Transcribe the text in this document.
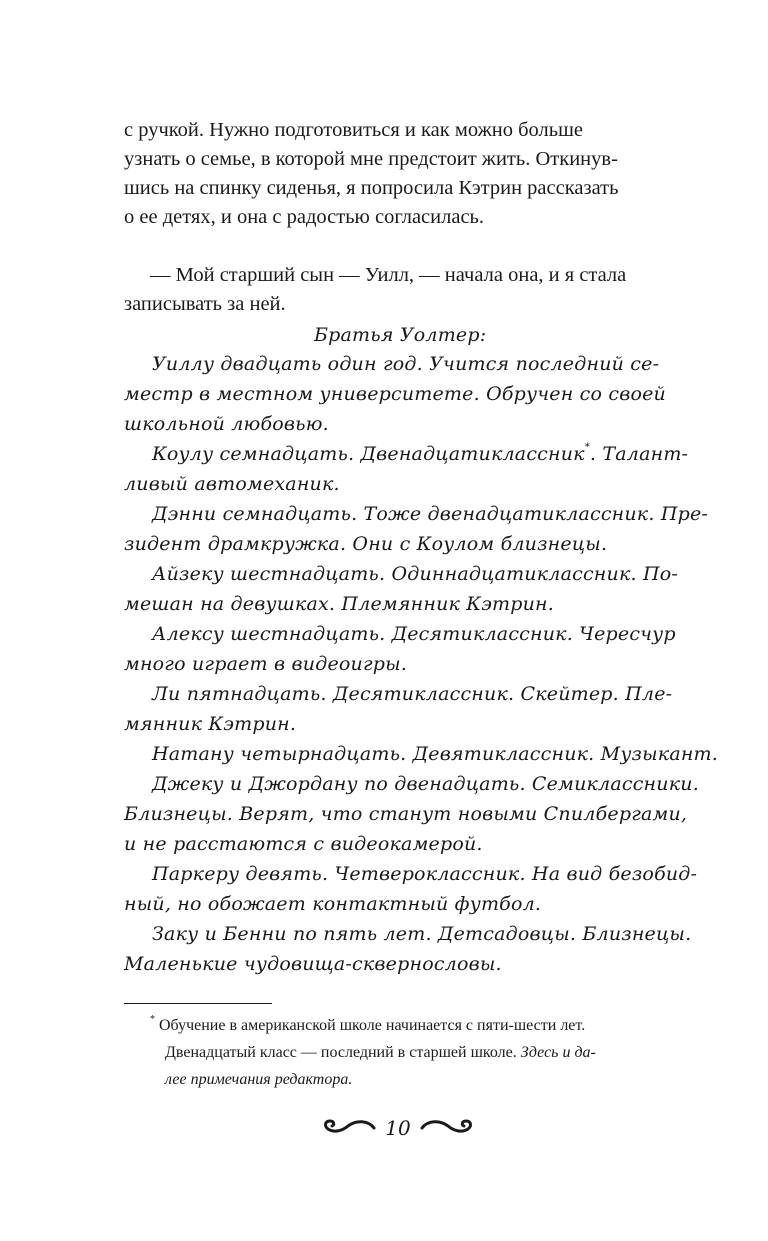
с ручкой. Нужно подготовиться и как можно больше
узнать о семье, в которой мне предстоит жить. Откинув-
шись на спинку сиденья, я попросила Кэтрин рассказать
о ее детях, и она с радостью согласилась.
— Мой старший сын — Уилл, — начала она, и я стала
записывать за ней.
Братья Уолтер:
Уиллу двадцать один год. Учится последний се-
местр в местном университете. Обручен со своей
школьной любовью.
Коулу семнадцать. Двенадцатиклассник*. Талант-
ливый автомеханик.
Дэнни семнадцать. Тоже двенадцатиклассник. Пре-
зидент драмкружка. Они с Коулом близнецы.
Айзеку шестнадцать. Одиннадцатиклассник. По-
мешан на девушках. Племянник Кэтрин.
Алексу шестнадцать. Десятиклассник. Чересчур
много играет в видеоигры.
Ли пятнадцать. Десятиклассник. Скейтер. Пле-
мянник Кэтрин.
Натану четырнадцать. Девятиклассник. Музыкант.
Джеку и Джордану по двенадцать. Семиклассники.
Близнецы. Верят, что станут новыми Спилбергами,
и не расстаются с видеокамерой.
Паркеру девять. Четвероклассник. На вид безобид-
ный, но обожает контактный футбол.
Заку и Бенни по пять лет. Детсадовцы. Близнецы.
Маленькие чудовища-сквернословы.
* Обучение в американской школе начинается с пяти-шести лет.
Двенадцатый класс — последний в старшей школе. Здесь и да-
лее примечания редактора.
10
